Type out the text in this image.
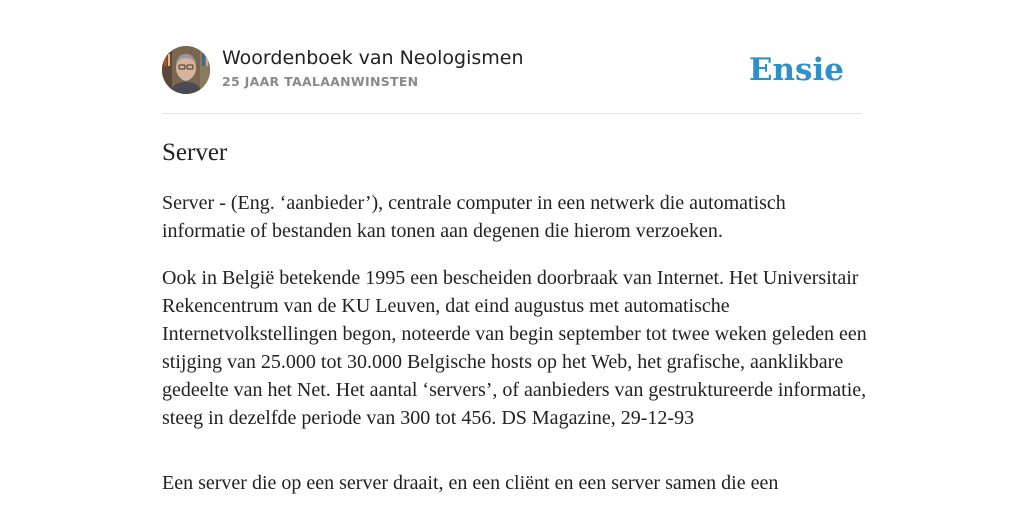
Woordenboek van Neologismen
25 JAAR TAALAANWINSTEN	Ensie
Server

Server - (Eng. ‘aanbieder’), centrale computer in een netwerk die automatisch informatie of bestanden kan tonen aan degenen die hierom verzoeken.

Ook in België betekende 1995 een bescheiden doorbraak van Internet. Het Universitair Rekencentrum van de KU Leuven, dat eind augustus met automatische Internetvolkstellingen begon, noteerde van begin september tot twee weken geleden een stijging van 25.000 tot 30.000 Belgische hosts op het Web, het grafische, aanklikbare gedeelte van het Net. Het aantal ‘servers’, of aanbieders van gestruktureerde informatie, steeg in dezelfde periode van 300 tot 456. DS Magazine, 29-12-93

Een server die op een server draait, en een cliënt en een server samen die een
